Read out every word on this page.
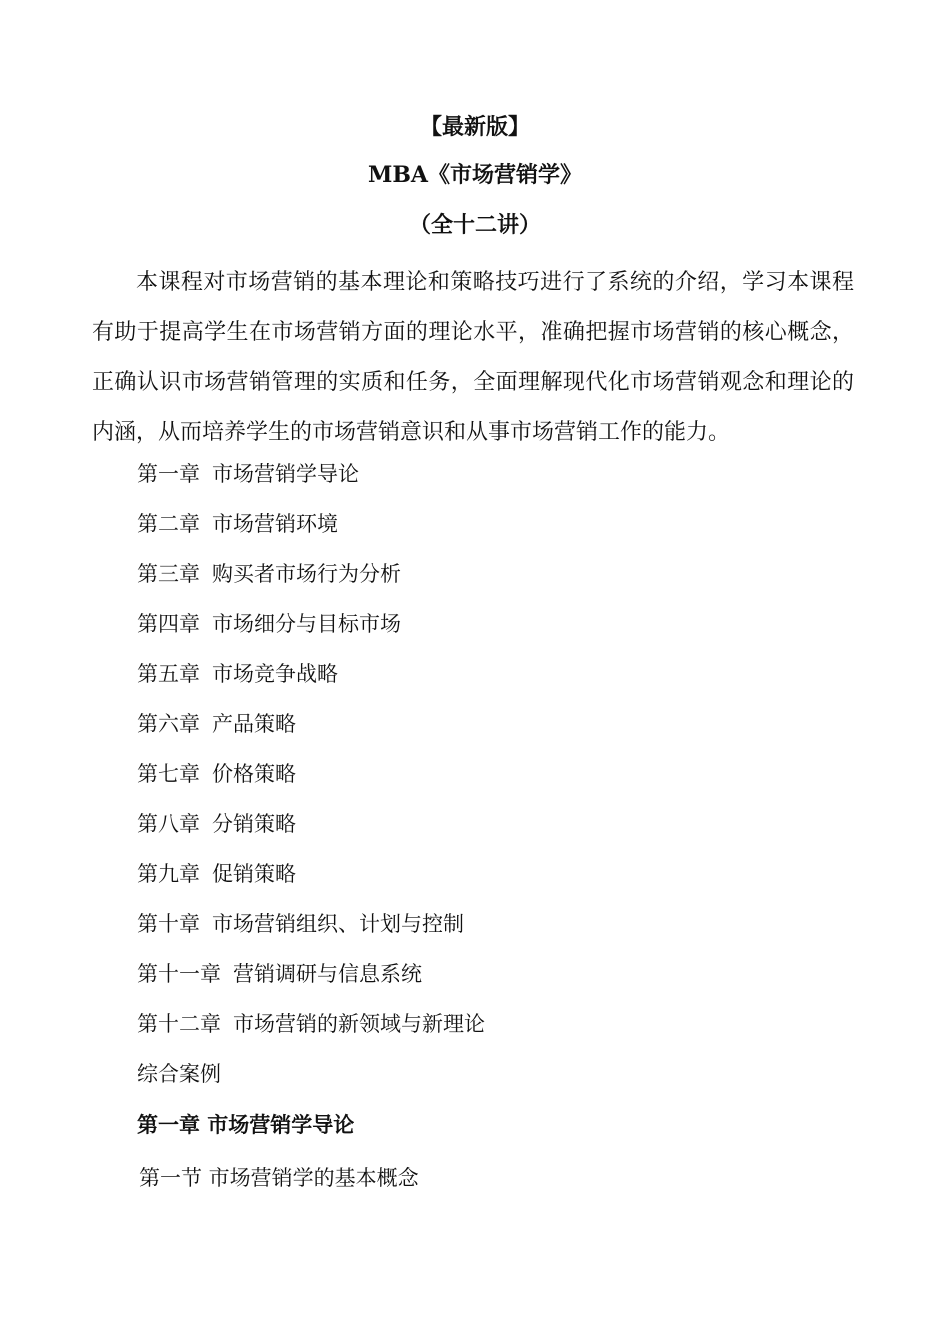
【最新版】
MBA《市场营销学》
（全十二讲）
本课程对市场营销的基本理论和策略技巧进行了系统的介绍，学习本课程
有助于提高学生在市场营销方面的理论水平，准确把握市场营销的核心概念，
正确认识市场营销管理的实质和任务，全面理解现代化市场营销观念和理论的
内涵，从而培养学生的市场营销意识和从事市场营销工作的能力。
第一章 市场营销学导论
第二章 市场营销环境
第三章 购买者市场行为分析
第四章 市场细分与目标市场
第五章 市场竞争战略
第六章 产品策略
第七章 价格策略
第八章 分销策略
第九章 促销策略
第十章 市场营销组织、计划与控制
第十一章 营销调研与信息系统
第十二章 市场营销的新领域与新理论
综合案例
第一章 市场营销学导论
第一节 市场营销学的基本概念
